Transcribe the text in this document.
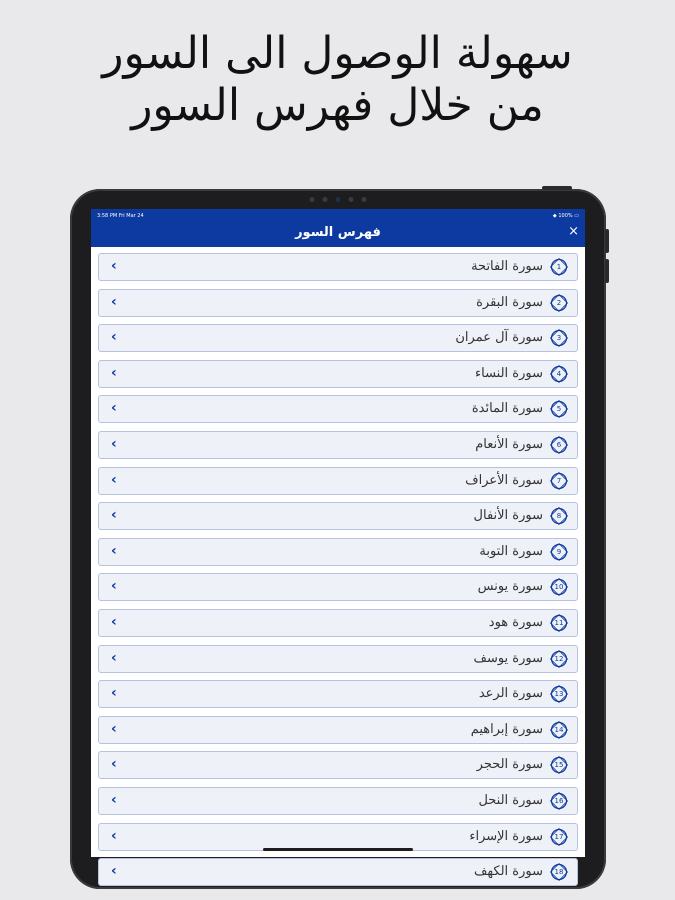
سهولة الوصول الى السور
من خلال فهرس السور
3:58 PM Fri Mar 24	◆ 100% ▭
فهرس السور	×
‹	سورة الفاتحة	1
‹	سورة البقرة	2
‹	سورة آل عمران	3
‹	سورة النساء	4
‹	سورة المائدة	5
‹	سورة الأنعام	6
‹	سورة الأعراف	7
‹	سورة الأنفال	8
‹	سورة التوبة	9
‹	سورة يونس	10
‹	سورة هود	11
‹	سورة يوسف	12
‹	سورة الرعد	13
‹	سورة إبراهيم	14
‹	سورة الحجر	15
‹	سورة النحل	16
‹	سورة الإسراء	17
‹	سورة الكهف	18
